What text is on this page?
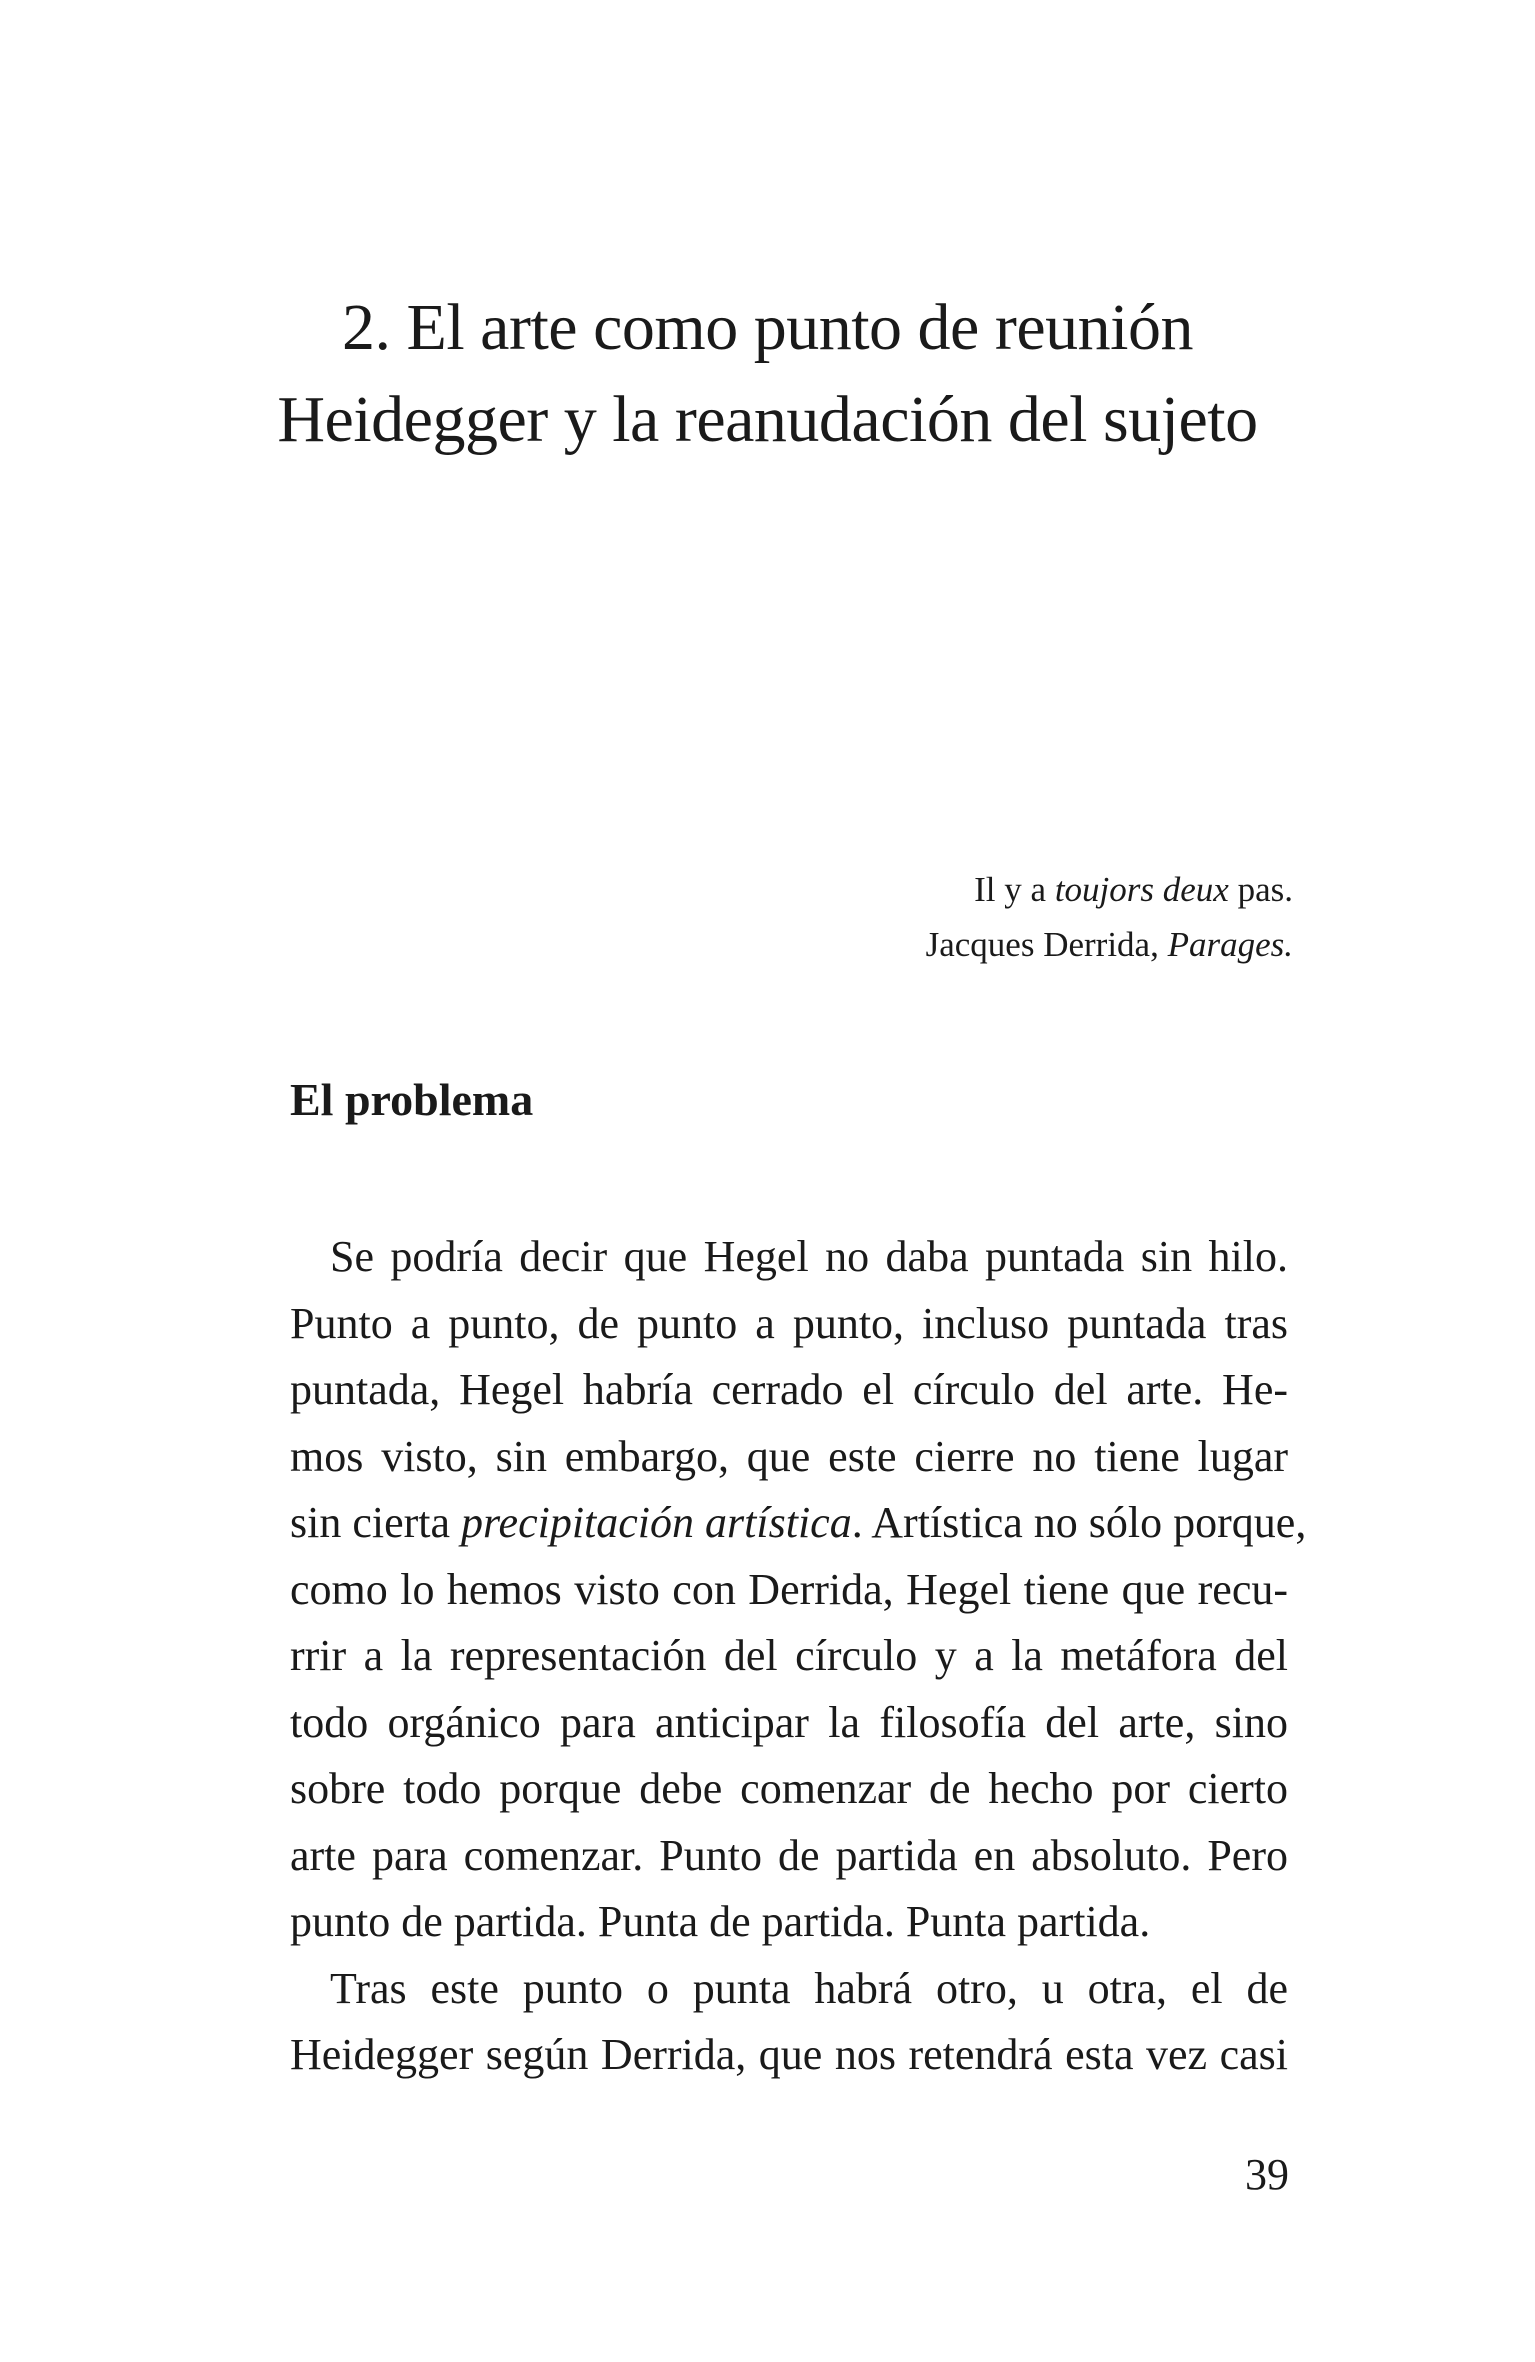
2. El arte como punto de reunión
Heidegger y la reanudación del sujeto
Il y a toujors deux pas.
Jacques Derrida, Parages.
El problema
Se podría decir que Hegel no daba puntada sin hilo.
Punto a punto, de punto a punto, incluso puntada tras
puntada, Hegel habría cerrado el círculo del arte. He-
mos visto, sin embargo, que este cierre no tiene lugar
sin cierta precipitación artística. Artística no sólo porque,
como lo hemos visto con Derrida, Hegel tiene que recu-
rrir a la representación del círculo y a la metáfora del
todo orgánico para anticipar la filosofía del arte, sino
sobre todo porque debe comenzar de hecho por cierto
arte para comenzar. Punto de partida en absoluto. Pero
punto de partida. Punta de partida. Punta partida.
Tras este punto o punta habrá otro, u otra, el de
Heidegger según Derrida, que nos retendrá esta vez casi
39
